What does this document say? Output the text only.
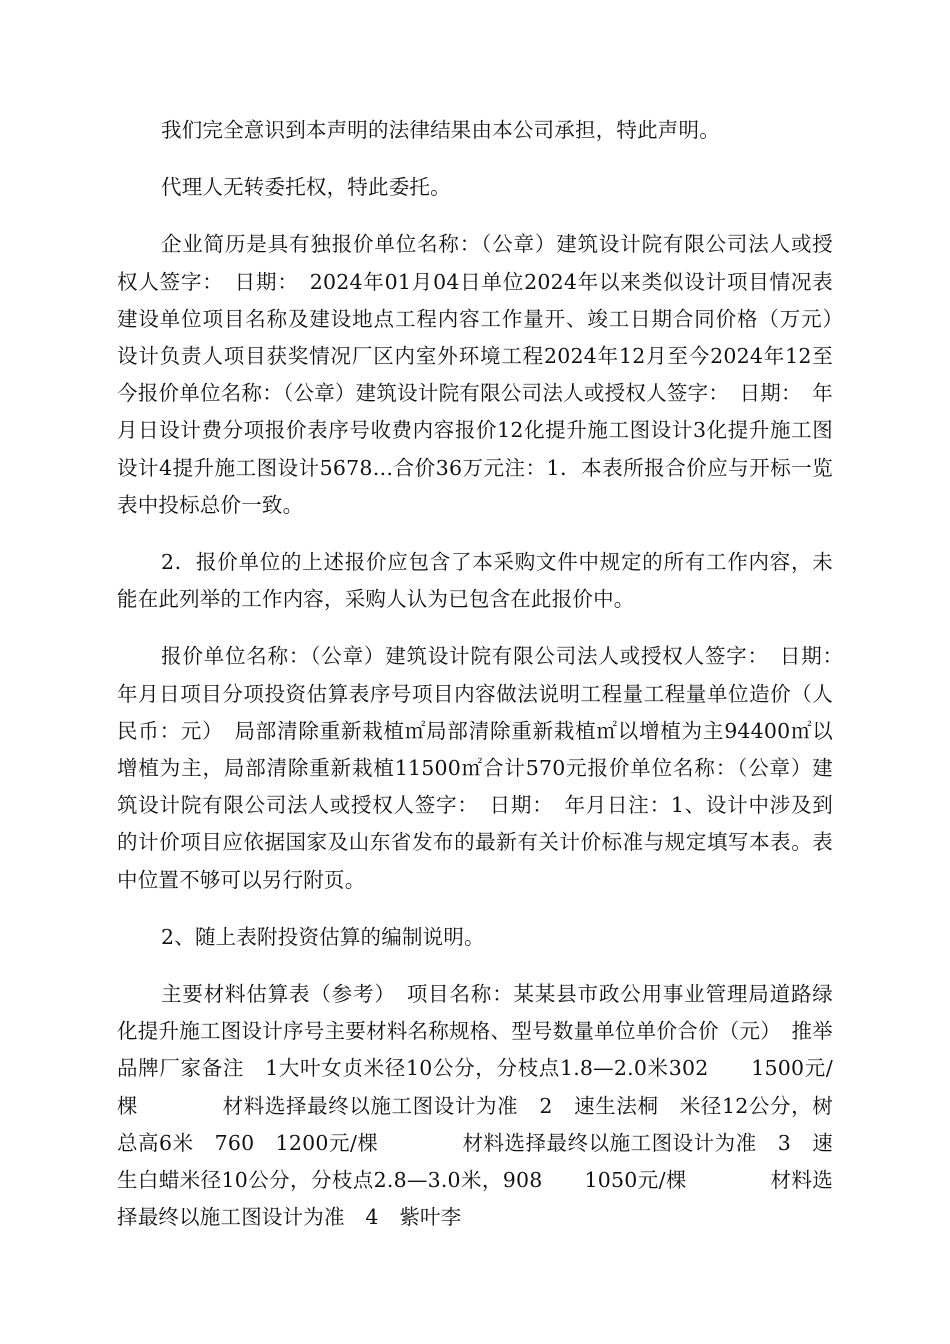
我们完全意识到本声明的法律结果由本公司承担，特此声明。

代理人无转委托权，特此委托。

企业简历是具有独报价单位名称：（公章）建筑设计院有限公司法人或授权人签字：　日期：　2024年01月04日单位2024年以来类似设计项目情况表建设单位项目名称及建设地点工程内容工作量开、竣工日期合同价格（万元）　设计负责人项目获奖情况厂区内室外环境工程2024年12月至今2024年12至今报价单位名称：（公章）建筑设计院有限公司法人或授权人签字：　日期：　年月日设计费分项报价表序号收费内容报价12化提升施工图设计3化提升施工图设计4提升施工图设计5678…合价36万元注：1．本表所报合价应与开标一览表中投标总价一致。

2．报价单位的上述报价应包含了本采购文件中规定的所有工作内容，未能在此列举的工作内容，采购人认为已包含在此报价中。

报价单位名称：（公章）建筑设计院有限公司法人或授权人签字：　日期：　年月日项目分项投资估算表序号项目内容做法说明工程量工程量单位造价（人民币：元）　局部清除重新栽植㎡局部清除重新栽植㎡以增植为主94400㎡以增植为主，局部清除重新栽植11500㎡合计570元报价单位名称：（公章）建筑设计院有限公司法人或授权人签字：　日期：　年月日注：1、设计中涉及到的计价项目应依据国家及山东省发布的最新有关计价标准与规定填写本表。表中位置不够可以另行附页。

2、随上表附投资估算的编制说明。

主要材料估算表（参考）　项目名称：某某县市政公用事业管理局道路绿化提升施工图设计序号主要材料名称规格、型号数量单位单价合价（元）　推举品牌厂家备注　1大叶女贞米径10公分，分枝点1.8—2.0米302　　1500元/棵　　　　材料选择最终以施工图设计为准　2　速生法桐　米径12公分，树总高6米　760　1200元/棵　　　　材料选择最终以施工图设计为准　3　速生白蜡米径10公分，分枝点2.8—3.0米，908　　1050元/棵　　　　材料选择最终以施工图设计为准　4　紫叶李
